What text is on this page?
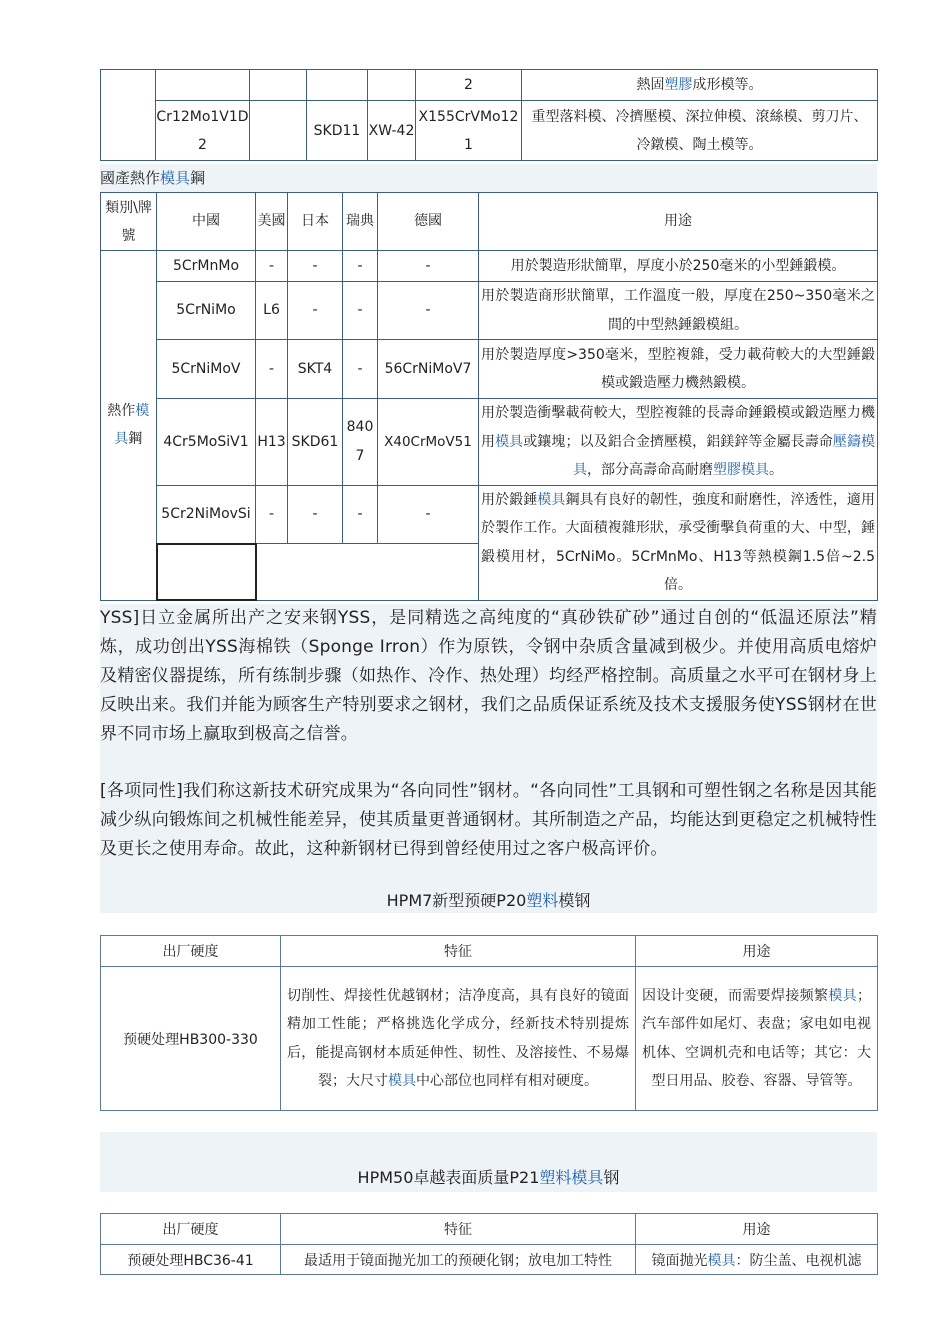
					2	熱固塑膠成形模等。
	Cr12Mo1V1D2		SKD11	XW-42	X155CrVMo121	重型落料模、冷擠壓模、深拉伸模、滾絲模、剪刀片、冷鐓模、陶土模等。
國產熱作模具鋼
類別\牌號	中國	美國	日本	瑞典	德國	用途
熱作模
具鋼	5CrMnMo	-	-	-	-	用於製造形狀簡單，厚度小於250毫米的小型錘鍛模。
	5CrNiMo	L6	-	-	-	用於製造商形狀簡單，工作溫度一般，厚度在250~350毫米之間的中型熱錘鍛模組。
	5CrNiMoV	-	SKT4	-	56CrNiMoV7	用於製造厚度>350毫米，型腔複雜，受力載荷較大的大型錘鍛模或鍛造壓力機熱鍛模。
	4Cr5MoSiV1	H13	SKD61	8407	X40CrMoV51	用於製造衝擊載荷較大，型腔複雜的長壽命錘鍛模或鍛造壓力機用模具或鑲塊；以及鋁合金擠壓模，鋁鎂鋅等金屬長壽命壓鑄模具，部分高壽命高耐磨塑膠模具。
	5Cr2NiMovSi	-	-	-	-	用於鍛錘模具鋼具有良好的韌性，強度和耐磨性，淬透性，適用於製作工作。大面積複雜形狀，承受衝擊負荷重的大、中型，錘鍛模用材，5CrNiMo。5CrMnMo、H13等熱模鋼1.5倍~2.5倍。

YSS]日立金属所出产之安来钢YSS，是同精选之高纯度的“真砂铁矿砂”通过自创的“低温还原法”精炼，成功创出YSS海棉铁（Sponge Irron）作为原铁，令钢中杂质含量减到极少。并使用高质电熔炉及精密仪器提练，所有练制步骤（如热作、冷作、热处理）均经严格控制。高质量之水平可在钢材身上反映出来。我们并能为顾客生产特别要求之钢材，我们之品质保证系统及技术支援服务使YSS钢材在世界不同市场上赢取到极高之信誉。
[各项同性]我们称这新技术研究成果为“各向同性”钢材。“各向同性”工具钢和可塑性钢之名称是因其能减少纵向锻炼间之机械性能差异，使其质量更普通钢材。其所制造之产品，均能达到更稳定之机械特性及更长之使用寿命。故此，这种新钢材已得到曾经使用过之客户极高评价。
HPM7新型预硬P20塑料模钢
出厂硬度	特征	用途
预硬处理HB300-330	切削性、焊接性优越钢材；洁净度高，具有良好的镜面精加工性能；严格挑选化学成分，经新技术特别提炼后，能提高钢材本质延伸性、韧性、及溶接性、不易爆裂；大尺寸模具中心部位也同样有相对硬度。	因设计变硬，而需要焊接频繁模具；汽车部件如尾灯、表盘；家电如电视机体、空调机壳和电话等；其它：大型日用品、胶卷、容器、导管等。
HPM50卓越表面质量P21塑料模具钢
出厂硬度	特征	用途
预硬处理HBC36-41	最适用于镜面抛光加工的预硬化钢；放电加工特性	镜面抛光模具：防尘盖、电视机滤
